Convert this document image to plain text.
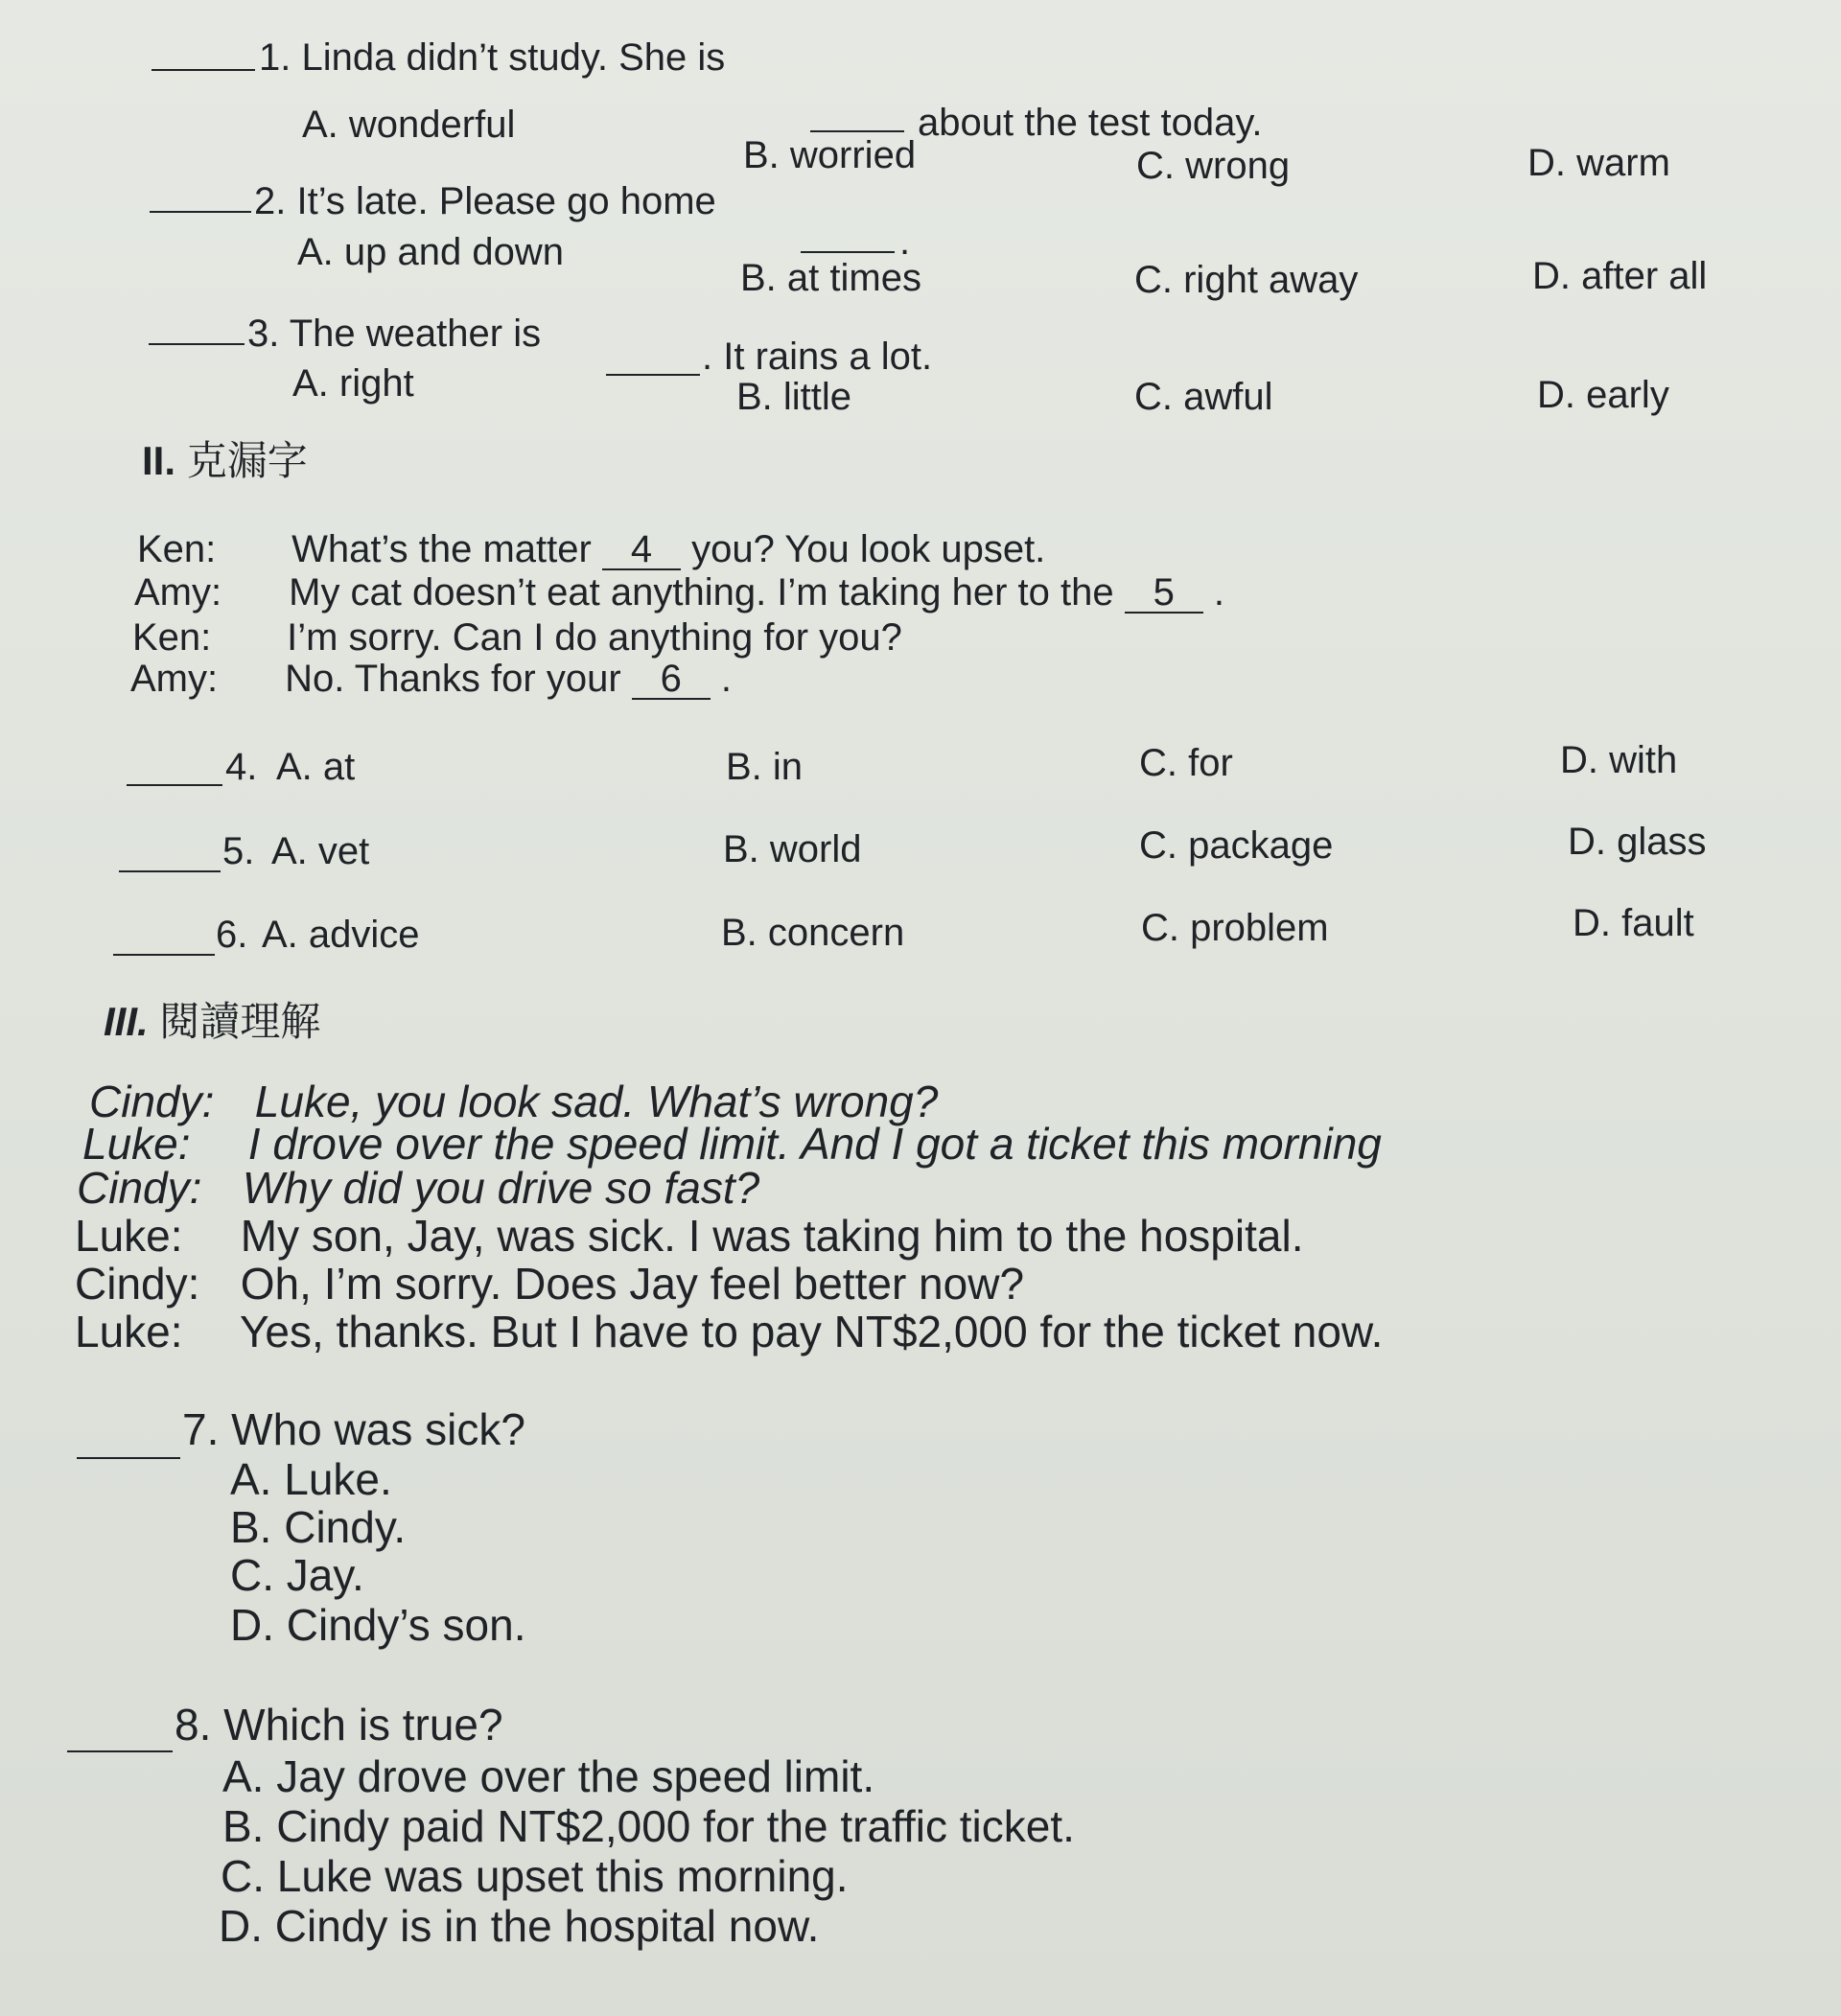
1. Linda didn’t study. She is
about the test today.
A. wonderful
B. worried	C. wrong	D. warm
2. It’s late. Please go home
.
A. up and down
B. at times	C. right away	D. after all
3. The weather is
. It rains a lot.
A. right	B. little	C. awful	D. early
II. 克漏字
Ken: What’s the matter 4 you? You look upset.
Amy: My cat doesn’t eat anything. I’m taking her to the 5 .
Ken: I’m sorry. Can I do anything for you?
Amy: No. Thanks for your 6 .
4. A. at	B. in	C. for	D. with
5. A. vet	B. world	C. package	D. glass
6. A. advice	B. concern	C. problem	D. fault
III. 閱讀理解
Cindy: Luke, you look sad. What’s wrong?
Luke: I drove over the speed limit. And I got a ticket this morning
Cindy: Why did you drive so fast?
Luke: My son, Jay, was sick. I was taking him to the hospital.
Cindy: Oh, I’m sorry. Does Jay feel better now?
Luke: Yes, thanks. But I have to pay NT$2,000 for the ticket now.
7. Who was sick?
A. Luke.
B. Cindy.
C. Jay.
D. Cindy’s son.
8. Which is true?
A. Jay drove over the speed limit.
B. Cindy paid NT$2,000 for the traffic ticket.
C. Luke was upset this morning.
D. Cindy is in the hospital now.
